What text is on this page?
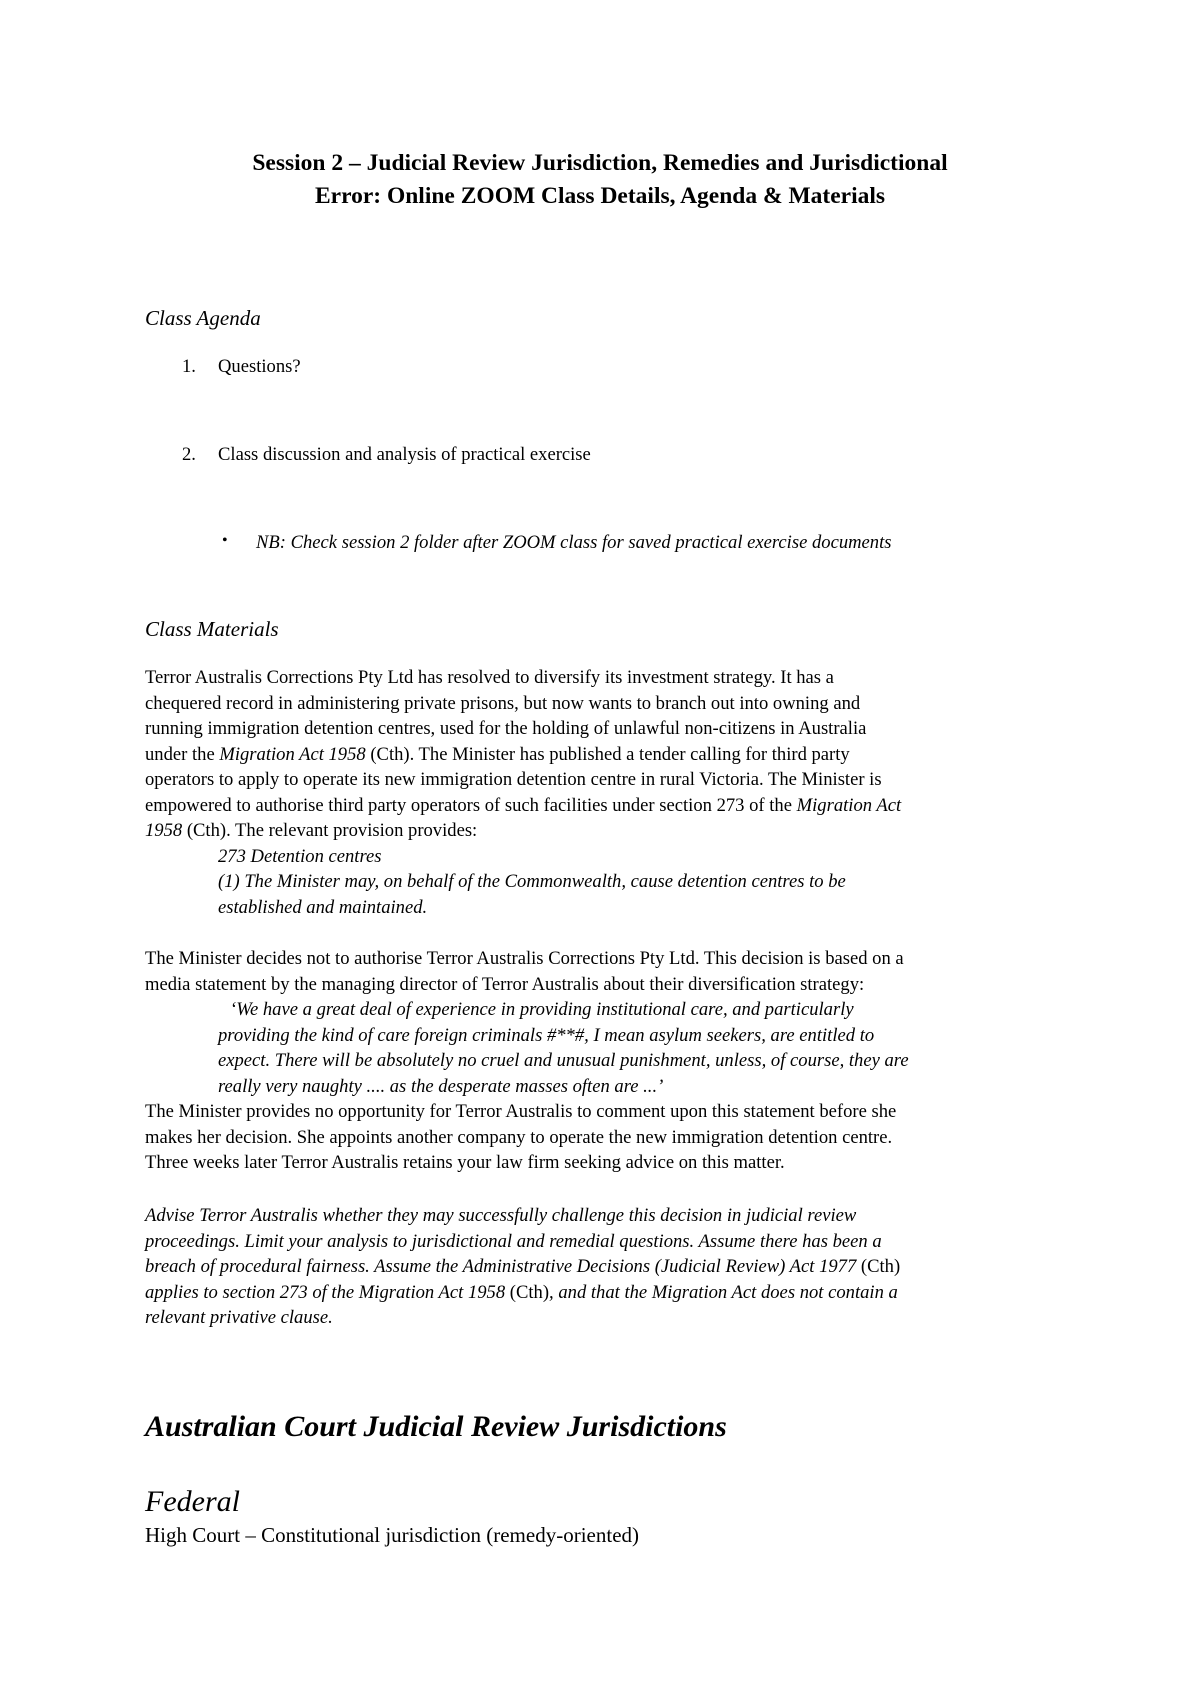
Session 2 – Judicial Review Jurisdiction, Remedies and Jurisdictional
Error: Online ZOOM Class Details, Agenda & Materials
Class Agenda
1. Questions?
2. Class discussion and analysis of practical exercise
• NB: Check session 2 folder after ZOOM class for saved practical exercise documents
Class Materials
Terror Australis Corrections Pty Ltd has resolved to diversify its investment strategy. It has a
chequered record in administering private prisons, but now wants to branch out into owning and
running immigration detention centres, used for the holding of unlawful non-citizens in Australia
under the Migration Act 1958 (Cth). The Minister has published a tender calling for third party
operators to apply to operate its new immigration detention centre in rural Victoria. The Minister is
empowered to authorise third party operators of such facilities under section 273 of the Migration Act
1958 (Cth). The relevant provision provides:
273 Detention centres
(1) The Minister may, on behalf of the Commonwealth, cause detention centres to be
established and maintained.
The Minister decides not to authorise Terror Australis Corrections Pty Ltd. This decision is based on a
media statement by the managing director of Terror Australis about their diversification strategy:
‘We have a great deal of experience in providing institutional care, and particularly
providing the kind of care foreign criminals #**#, I mean asylum seekers, are entitled to
expect. There will be absolutely no cruel and unusual punishment, unless, of course, they are
really very naughty .... as the desperate masses often are ...’
The Minister provides no opportunity for Terror Australis to comment upon this statement before she
makes her decision. She appoints another company to operate the new immigration detention centre.
Three weeks later Terror Australis retains your law firm seeking advice on this matter.
Advise Terror Australis whether they may successfully challenge this decision in judicial review
proceedings. Limit your analysis to jurisdictional and remedial questions. Assume there has been a
breach of procedural fairness. Assume the Administrative Decisions (Judicial Review) Act 1977 (Cth)
applies to section 273 of the Migration Act 1958 (Cth), and that the Migration Act does not contain a
relevant privative clause.
Australian Court Judicial Review Jurisdictions
Federal
High Court – Constitutional jurisdiction (remedy-oriented)
